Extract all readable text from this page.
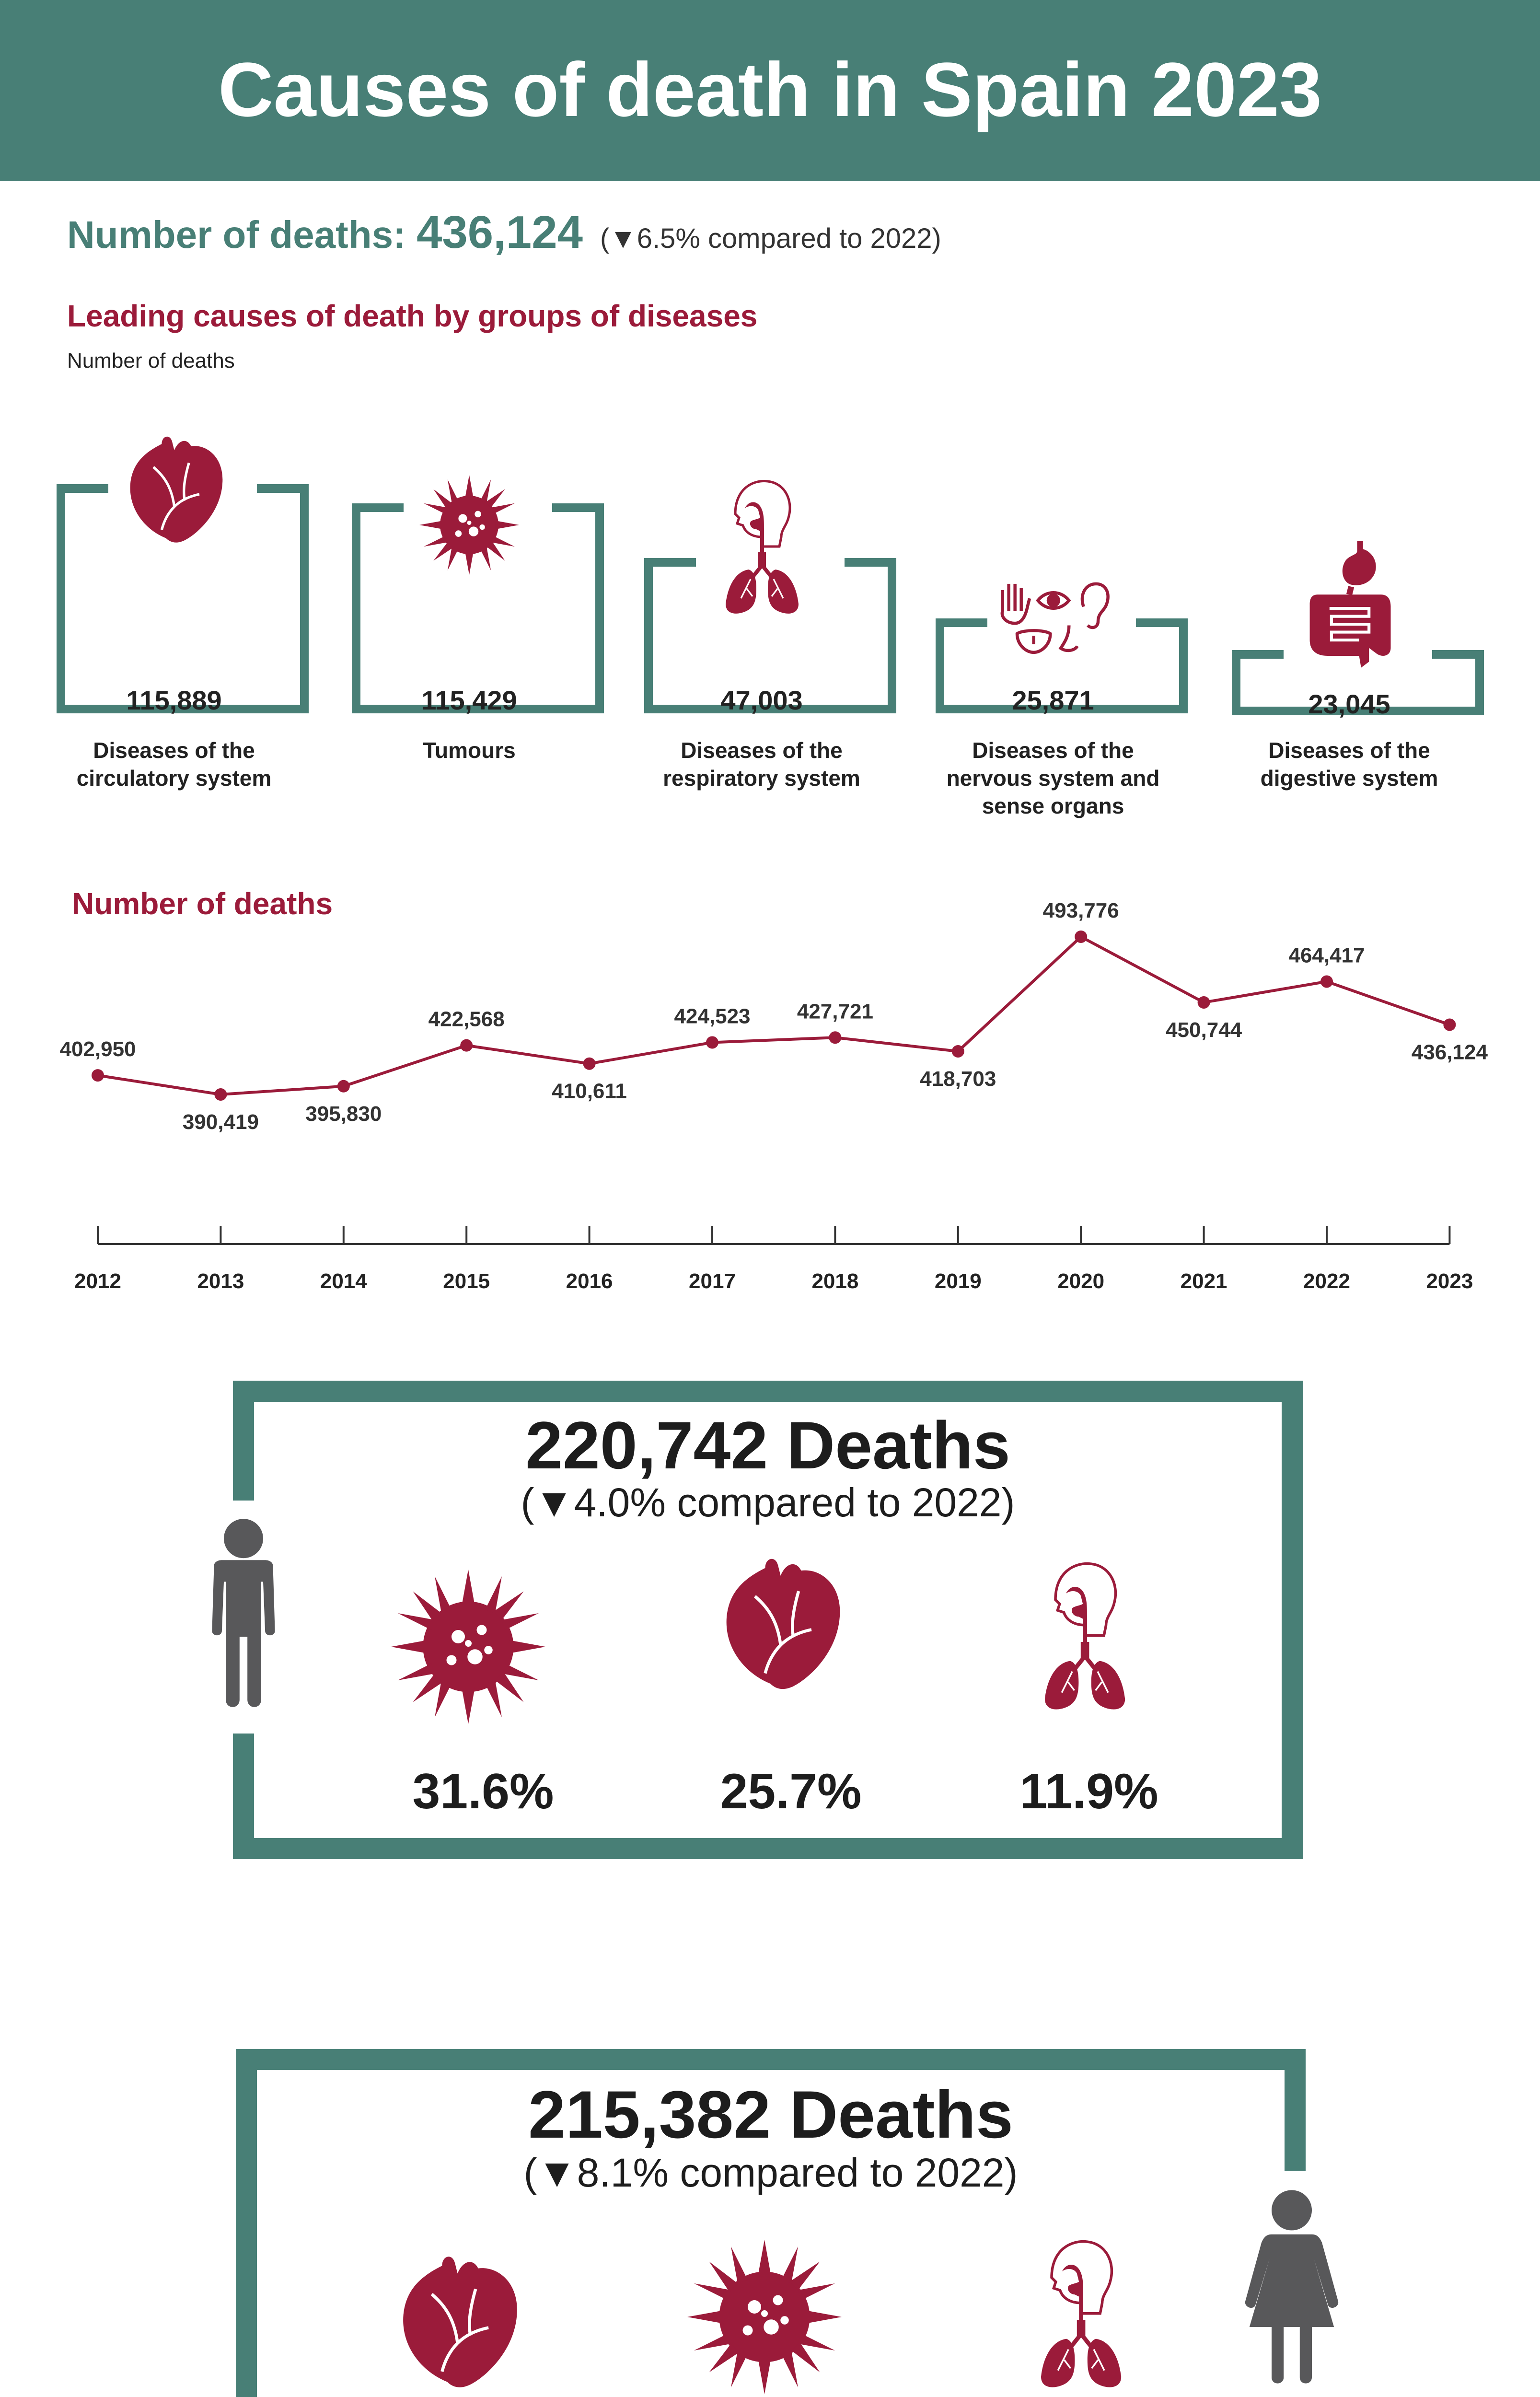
Causes of death in Spain 2023
Number of deaths: 436,124 (▼6.5% compared to 2022)
Leading causes of death by groups of diseases
Number of deaths
115,889
Diseases of the circulatory system
115,429
Tumours
47,003
Diseases of the respiratory system
25,871
Diseases of the nervous system and sense organs
23,045
Diseases of the digestive system
Number of deaths
402,950
2012
390,419
2013
395,830
2014
422,568
2015
410,611
2016
424,523
2017
427,721
2018
418,703
2019
493,776
2020
450,744
2021
464,417
2022
436,124
2023
220,742 Deaths
(▼4.0% compared to 2022)
31.6%	25.7%	11.9%
215,382 Deaths
(▼8.1% compared to 2022)
